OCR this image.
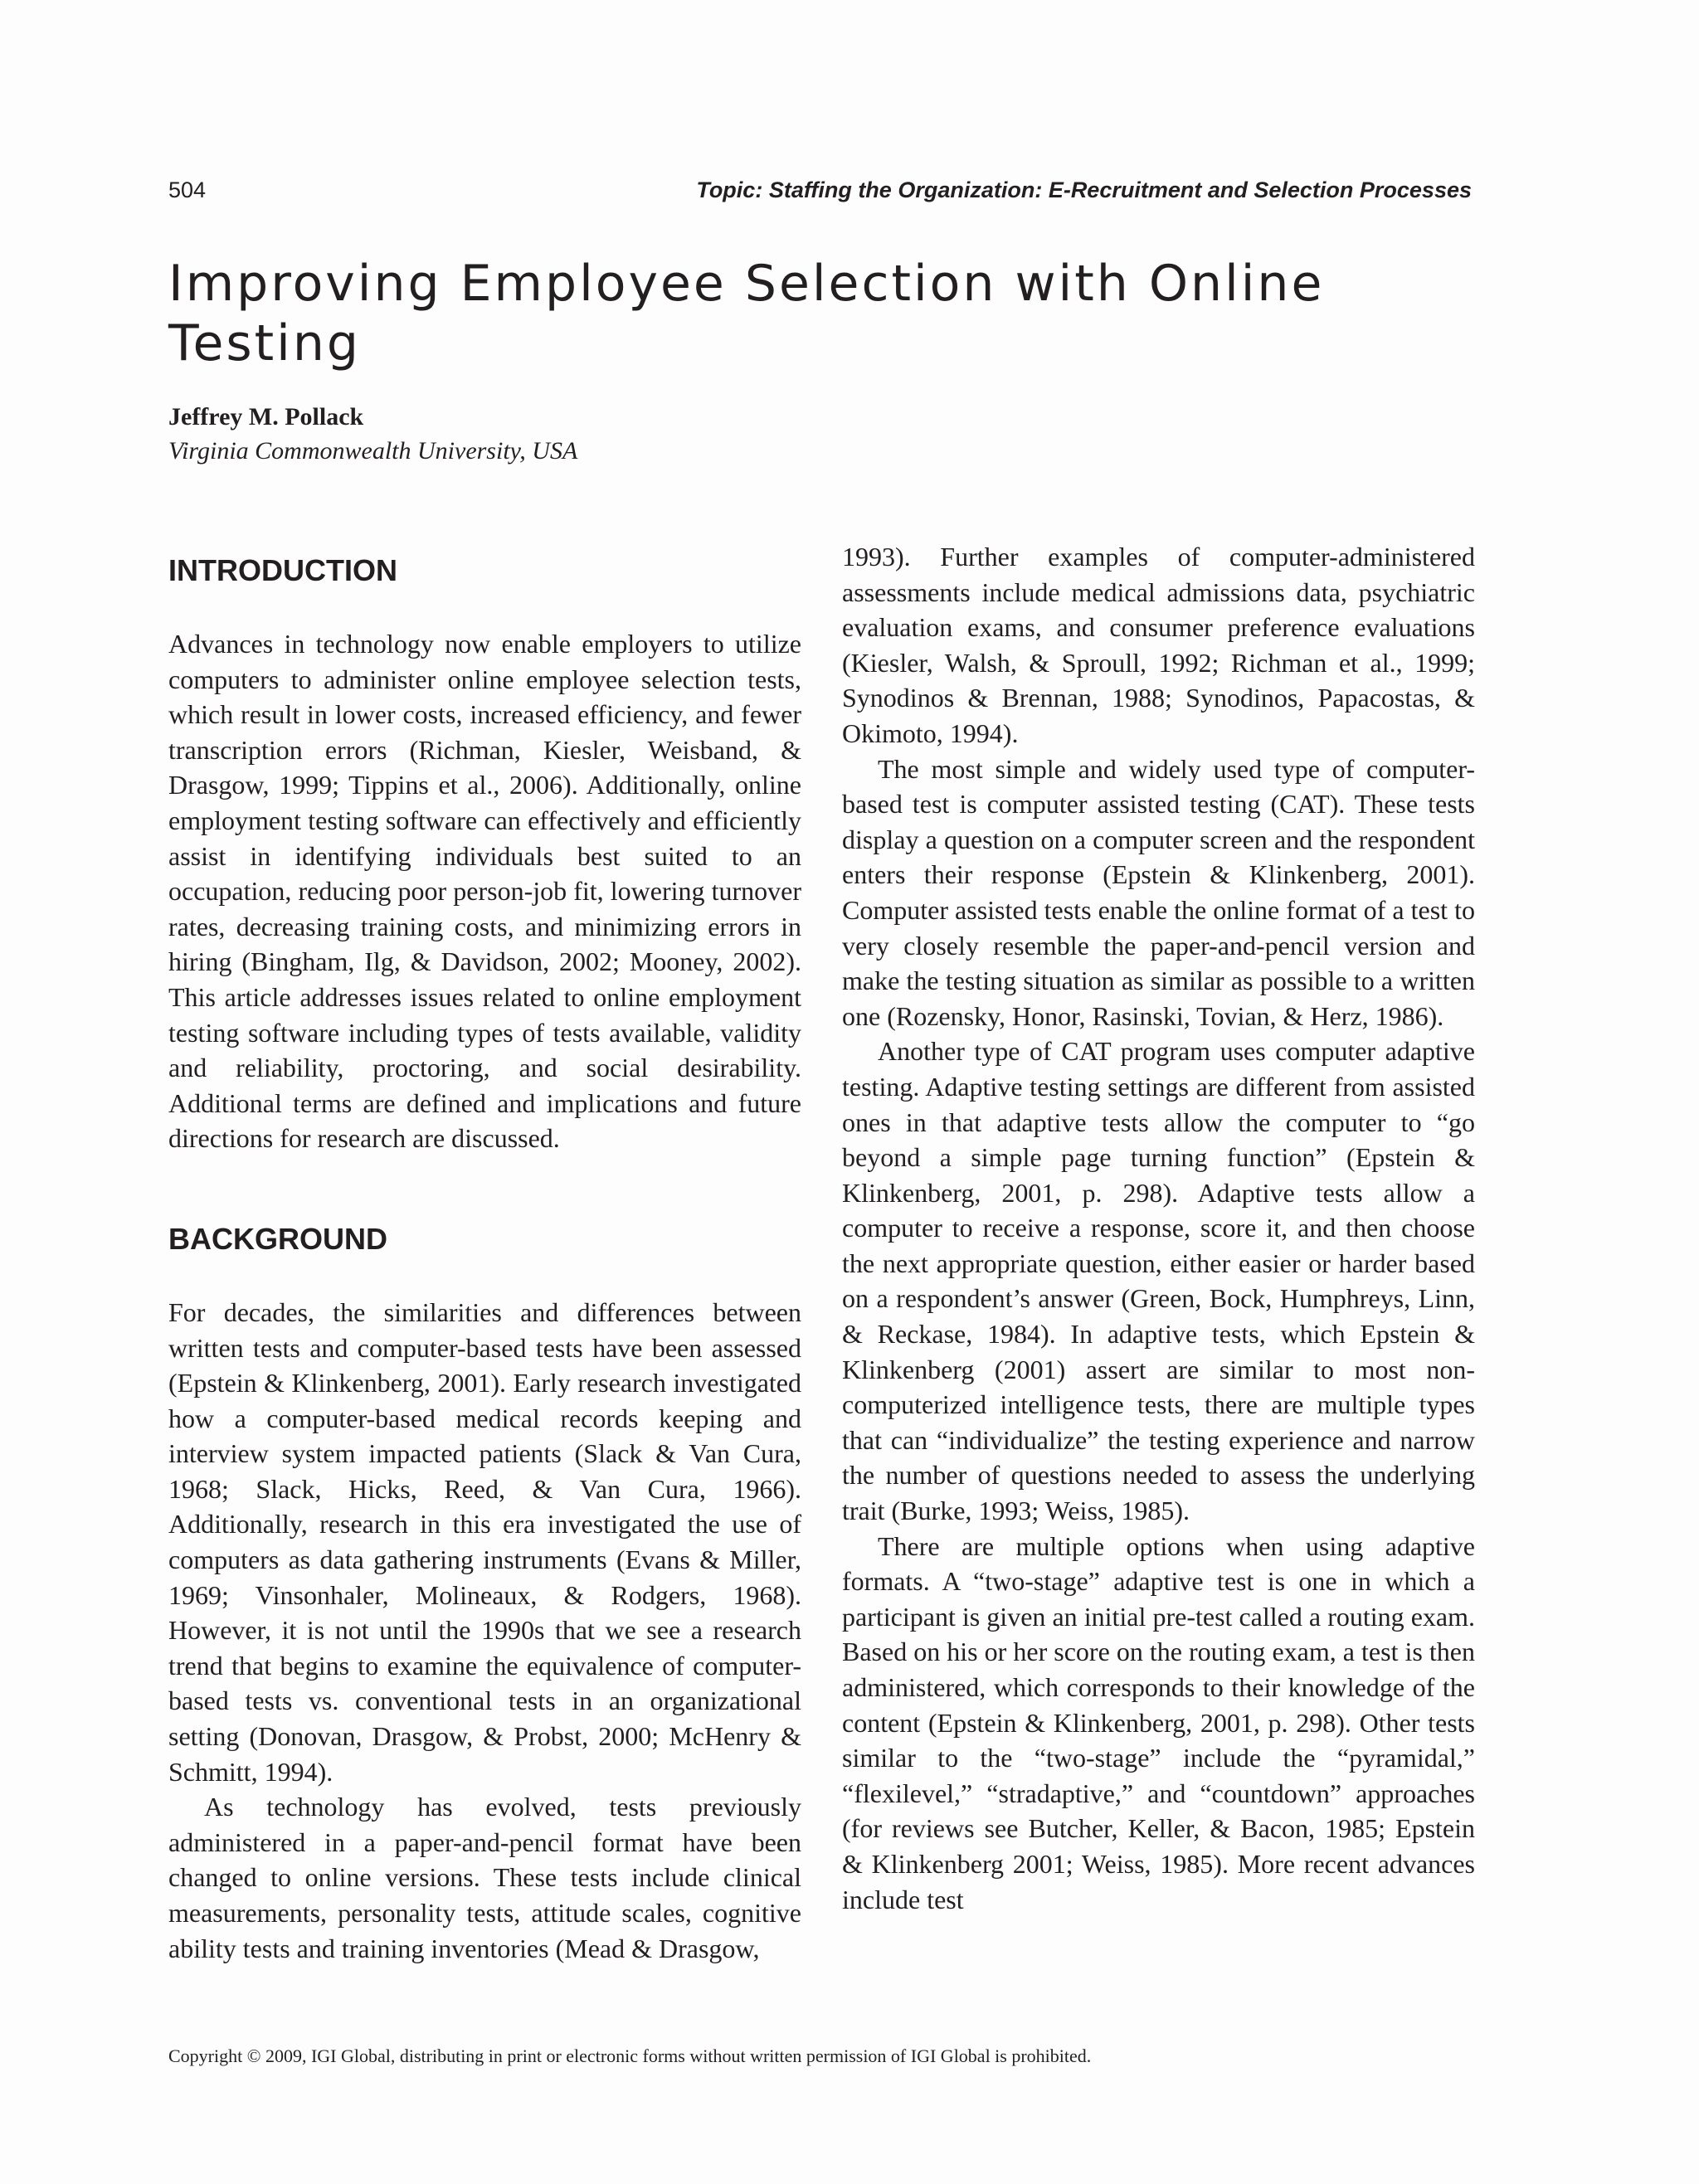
504	Topic: Staffing the Organization: E-Recruitment and Selection Processes
Improving Employee Selection with Online Testing
Jeffrey M. Pollack
Virginia Commonwealth University, USA
INTRODUCTION

Advances in technology now enable employers to utilize computers to administer online employee selection tests, which result in lower costs, increased efficiency, and fewer transcription errors (Richman, Kiesler, Weisband, & Drasgow, 1999; Tippins et al., 2006). Additionally, online employment testing software can effectively and efficiently assist in identifying individuals best suited to an occupation, reducing poor person-job fit, lowering turnover rates, decreasing training costs, and minimizing errors in hiring (Bingham, Ilg, & Davidson, 2002; Mooney, 2002). This article addresses issues related to online employment testing software including types of tests available, validity and reliability, proctoring, and social desirability. Additional terms are defined and implications and future directions for research are discussed.

BACKGROUND

For decades, the similarities and differences between written tests and computer-based tests have been assessed (Epstein & Klinkenberg, 2001). Early research investigated how a computer-based medical records keeping and interview system impacted patients (Slack & Van Cura, 1968; Slack, Hicks, Reed, & Van Cura, 1966). Additionally, research in this era investigated the use of computers as data gathering instruments (Evans & Miller, 1969; Vinsonhaler, Molineaux, & Rodgers, 1968). However, it is not until the 1990s that we see a research trend that begins to examine the equivalence of computer-based tests vs. conventional tests in an organizational setting (Donovan, Drasgow, & Probst, 2000; McHenry & Schmitt, 1994).

As technology has evolved, tests previously administered in a paper-and-pencil format have been changed to online versions. These tests include clinical measurements, personality tests, attitude scales, cognitive ability tests and training inventories (Mead & Drasgow,

1993). Further examples of computer-administered assessments include medical admissions data, psychiatric evaluation exams, and consumer preference evaluations (Kiesler, Walsh, & Sproull, 1992; Richman et al., 1999; Synodinos & Brennan, 1988; Synodinos, Papacostas, & Okimoto, 1994).

The most simple and widely used type of computer-based test is computer assisted testing (CAT). These tests display a question on a computer screen and the respondent enters their response (Epstein & Klinkenberg, 2001). Computer assisted tests enable the online format of a test to very closely resemble the paper-and-pencil version and make the testing situation as similar as possible to a written one (Rozensky, Honor, Rasinski, Tovian, & Herz, 1986).

Another type of CAT program uses computer adaptive testing. Adaptive testing settings are different from assisted ones in that adaptive tests allow the computer to “go beyond a simple page turning function” (Epstein & Klinkenberg, 2001, p. 298). Adaptive tests allow a computer to receive a response, score it, and then choose the next appropriate question, either easier or harder based on a respondent’s answer (Green, Bock, Humphreys, Linn, & Reckase, 1984). In adaptive tests, which Epstein & Klinkenberg (2001) assert are similar to most non-computerized intelligence tests, there are multiple types that can “individualize” the testing experience and narrow the number of questions needed to assess the underlying trait (Burke, 1993; Weiss, 1985).

There are multiple options when using adaptive formats. A “two-stage” adaptive test is one in which a participant is given an initial pre-test called a routing exam. Based on his or her score on the routing exam, a test is then administered, which corresponds to their knowledge of the content (Epstein & Klinkenberg, 2001, p. 298). Other tests similar to the “two-stage” include the “pyramidal,” “flexilevel,” “stradaptive,” and “countdown” approaches (for reviews see Butcher, Keller, & Bacon, 1985; Epstein & Klinkenberg 2001; Weiss, 1985). More recent advances include test

Copyright © 2009, IGI Global, distributing in print or electronic forms without written permission of IGI Global is prohibited.
